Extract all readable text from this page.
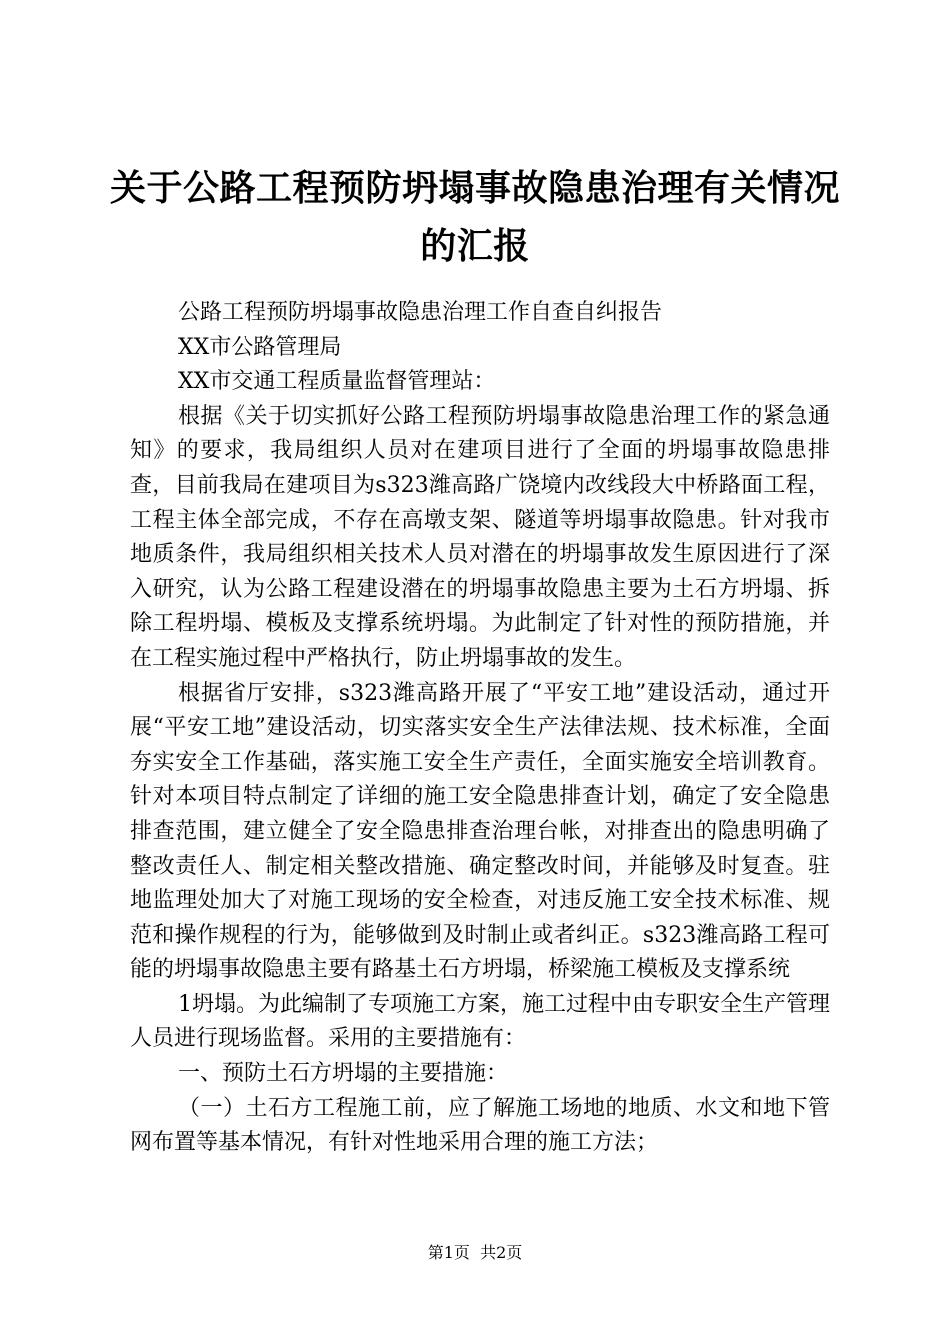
关于公路工程预防坍塌事故隐患治理有关情况
的汇报

公路工程预防坍塌事故隐患治理工作自查自纠报告

XX市公路管理局

XX市交通工程质量监督管理站：

根据《关于切实抓好公路工程预防坍塌事故隐患治理工作的紧急通知》的要求，我局组织人员对在建项目进行了全面的坍塌事故隐患排查，目前我局在建项目为s323潍高路广饶境内改线段大中桥路面工程，工程主体全部完成，不存在高墩支架、隧道等坍塌事故隐患。针对我市地质条件，我局组织相关技术人员对潜在的坍塌事故发生原因进行了深入研究，认为公路工程建设潜在的坍塌事故隐患主要为土石方坍塌、拆除工程坍塌、模板及支撑系统坍塌。为此制定了针对性的预防措施，并在工程实施过程中严格执行，防止坍塌事故的发生。

根据省厅安排，s323潍高路开展了“平安工地”建设活动，通过开展“平安工地”建设活动，切实落实安全生产法律法规、技术标准，全面夯实安全工作基础，落实施工安全生产责任，全面实施安全培训教育。针对本项目特点制定了详细的施工安全隐患排查计划，确定了安全隐患排查范围，建立健全了安全隐患排查治理台帐，对排查出的隐患明确了整改责任人、制定相关整改措施、确定整改时间，并能够及时复查。驻地监理处加大了对施工现场的安全检查，对违反施工安全技术标准、规范和操作规程的行为，能够做到及时制止或者纠正。s323潍高路工程可能的坍塌事故隐患主要有路基土石方坍塌，桥梁施工模板及支撑系统

1坍塌。为此编制了专项施工方案，施工过程中由专职安全生产管理人员进行现场监督。采用的主要措施有：

一、预防土石方坍塌的主要措施：

（一）土石方工程施工前，应了解施工场地的地质、水文和地下管网布置等基本情况，有针对性地采用合理的施工方法；

第1页  共2页
